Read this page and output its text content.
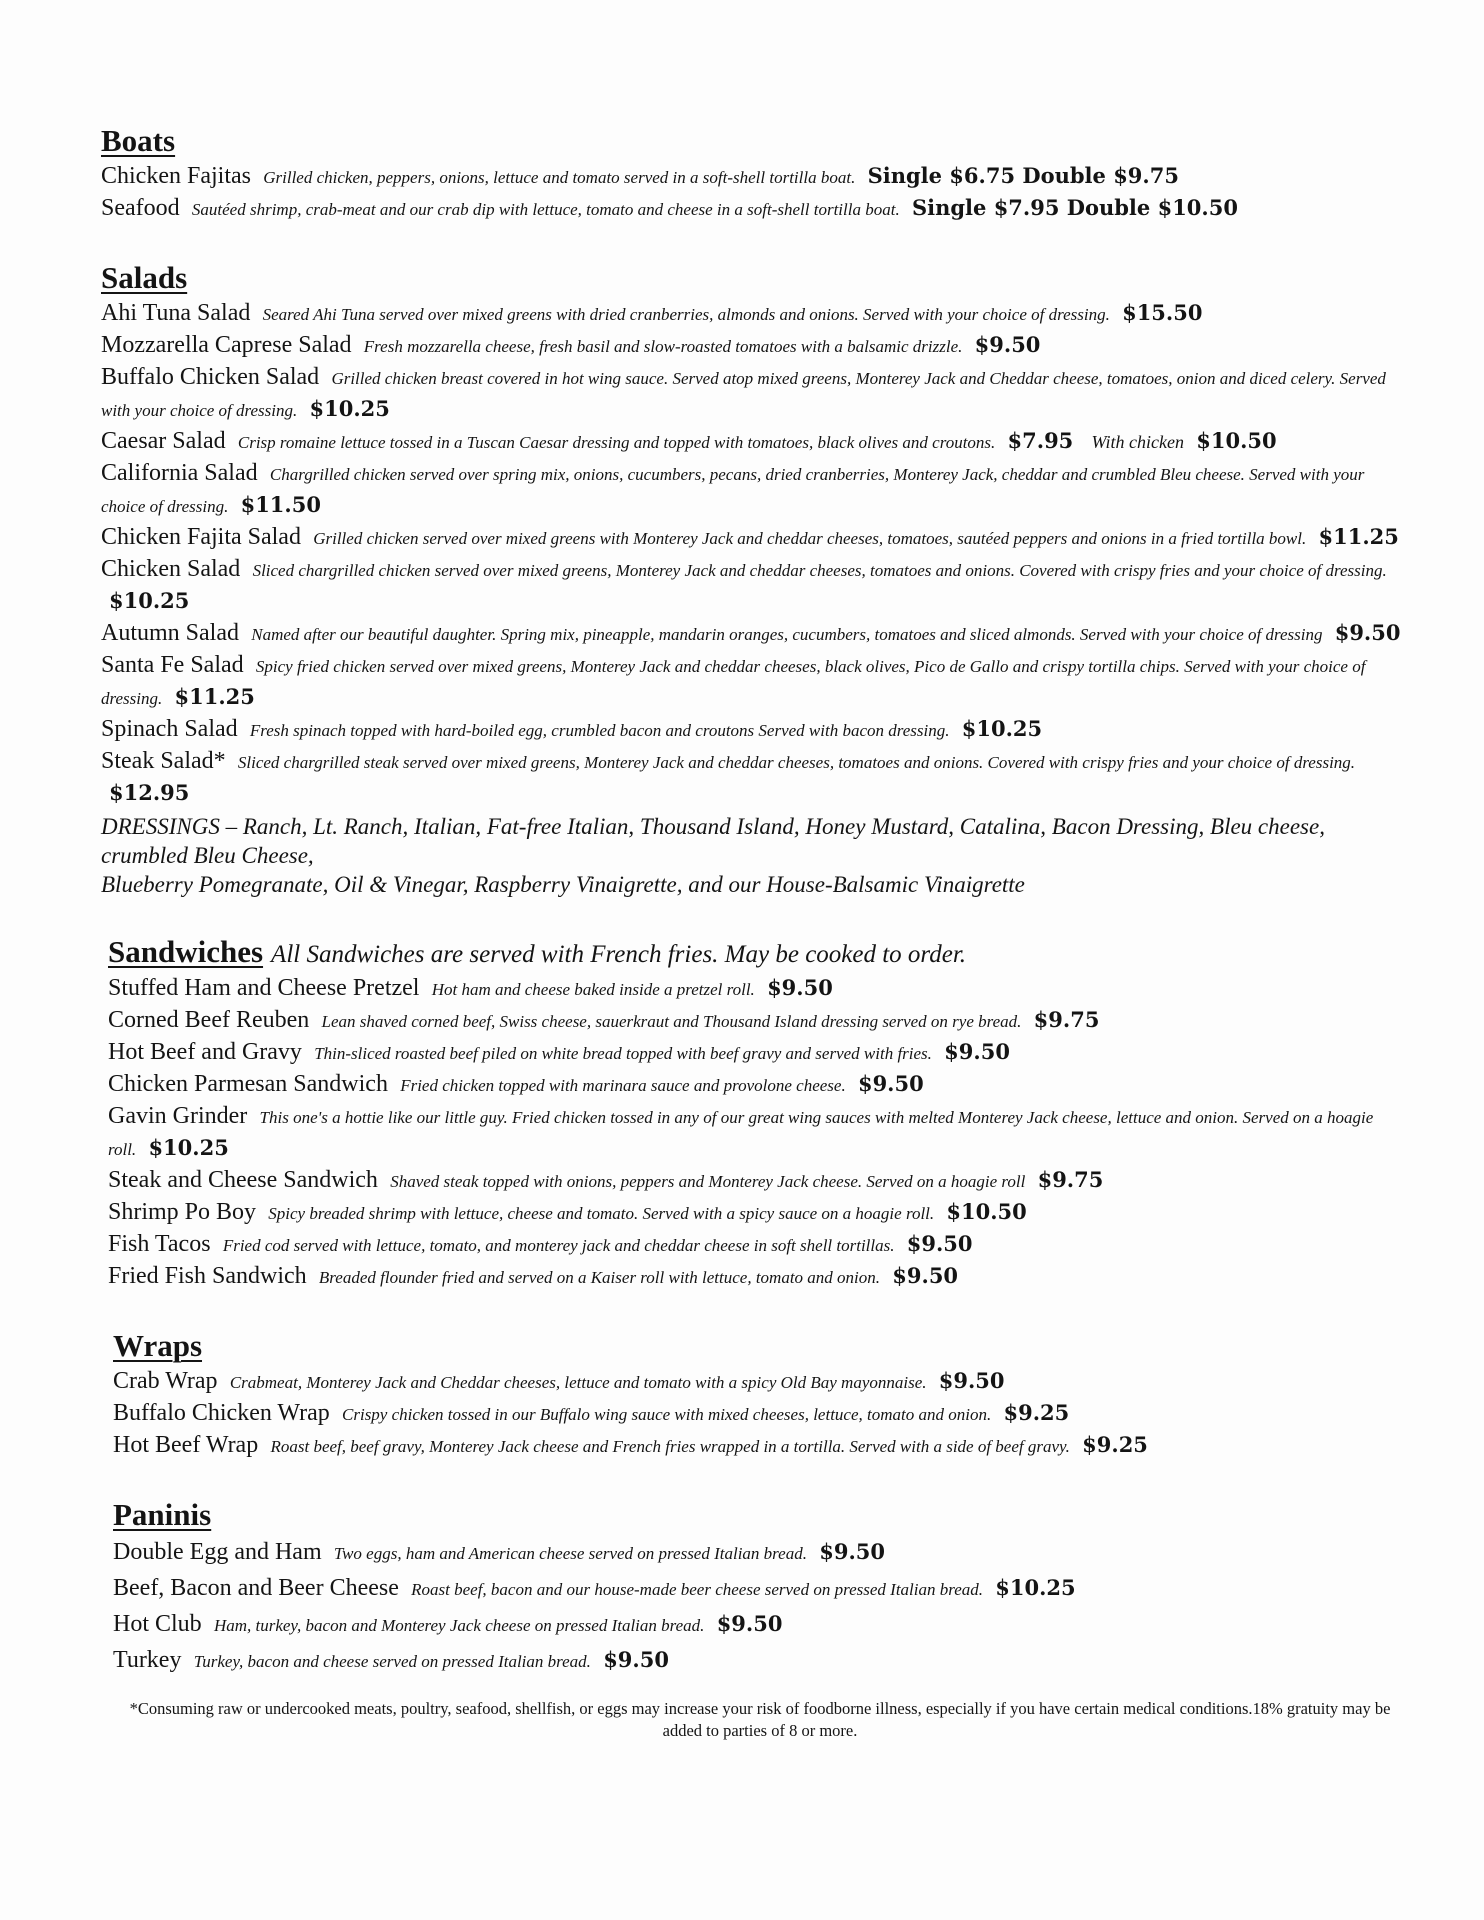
Boats

Chicken Fajitas Grilled chicken, peppers, onions, lettuce and tomato served in a soft-shell tortilla boat. Single $6.75 Double $9.75

Seafood Sautéed shrimp, crab-meat and our crab dip with lettuce, tomato and cheese in a soft-shell tortilla boat. Single $7.95 Double $10.50

Salads

Ahi Tuna Salad Seared Ahi Tuna served over mixed greens with dried cranberries, almonds and onions. Served with your choice of dressing. $15.50

Mozzarella Caprese Salad Fresh mozzarella cheese, fresh basil and slow-roasted tomatoes with a balsamic drizzle. $9.50

Buffalo Chicken Salad Grilled chicken breast covered in hot wing sauce. Served atop mixed greens, Monterey Jack and Cheddar cheese, tomatoes, onion and diced celery. Served with your choice of dressing. $10.25

Caesar Salad Crisp romaine lettuce tossed in a Tuscan Caesar dressing and topped with tomatoes, black olives and croutons. $7.95 With chicken $10.50

California Salad Chargrilled chicken served over spring mix, onions, cucumbers, pecans, dried cranberries, Monterey Jack, cheddar and crumbled Bleu cheese. Served with your choice of dressing. $11.50

Chicken Fajita Salad Grilled chicken served over mixed greens with Monterey Jack and cheddar cheeses, tomatoes, sautéed peppers and onions in a fried tortilla bowl. $11.25

Chicken Salad Sliced chargrilled chicken served over mixed greens, Monterey Jack and cheddar cheeses, tomatoes and onions. Covered with crispy fries and your choice of dressing. $10.25

Autumn Salad Named after our beautiful daughter. Spring mix, pineapple, mandarin oranges, cucumbers, tomatoes and sliced almonds. Served with your choice of dressing $9.50

Santa Fe Salad Spicy fried chicken served over mixed greens, Monterey Jack and cheddar cheeses, black olives, Pico de Gallo and crispy tortilla chips. Served with your choice of dressing. $11.25

Spinach Salad Fresh spinach topped with hard-boiled egg, crumbled bacon and croutons Served with bacon dressing. $10.25

Steak Salad* Sliced chargrilled steak served over mixed greens, Monterey Jack and cheddar cheeses, tomatoes and onions. Covered with crispy fries and your choice of dressing. $12.95

DRESSINGS – Ranch, Lt. Ranch, Italian, Fat-free Italian, Thousand Island, Honey Mustard, Catalina, Bacon Dressing, Bleu cheese, crumbled Bleu Cheese,
Blueberry Pomegranate, Oil & Vinegar, Raspberry Vinaigrette, and our House-Balsamic Vinaigrette

Sandwiches All Sandwiches are served with French fries. May be cooked to order.

Stuffed Ham and Cheese Pretzel Hot ham and cheese baked inside a pretzel roll. $9.50

Corned Beef Reuben Lean shaved corned beef, Swiss cheese, sauerkraut and Thousand Island dressing served on rye bread. $9.75

Hot Beef and Gravy Thin-sliced roasted beef piled on white bread topped with beef gravy and served with fries. $9.50

Chicken Parmesan Sandwich Fried chicken topped with marinara sauce and provolone cheese. $9.50

Gavin Grinder This one's a hottie like our little guy. Fried chicken tossed in any of our great wing sauces with melted Monterey Jack cheese, lettuce and onion. Served on a hoagie roll. $10.25

Steak and Cheese Sandwich Shaved steak topped with onions, peppers and Monterey Jack cheese. Served on a hoagie roll $9.75

Shrimp Po Boy Spicy breaded shrimp with lettuce, cheese and tomato. Served with a spicy sauce on a hoagie roll. $10.50

Fish Tacos Fried cod served with lettuce, tomato, and monterey jack and cheddar cheese in soft shell tortillas. $9.50

Fried Fish Sandwich Breaded flounder fried and served on a Kaiser roll with lettuce, tomato and onion. $9.50

Wraps

Crab Wrap Crabmeat, Monterey Jack and Cheddar cheeses, lettuce and tomato with a spicy Old Bay mayonnaise. $9.50

Buffalo Chicken Wrap Crispy chicken tossed in our Buffalo wing sauce with mixed cheeses, lettuce, tomato and onion. $9.25

Hot Beef Wrap Roast beef, beef gravy, Monterey Jack cheese and French fries wrapped in a tortilla. Served with a side of beef gravy. $9.25

Paninis

Double Egg and Ham Two eggs, ham and American cheese served on pressed Italian bread. $9.50

Beef, Bacon and Beer Cheese Roast beef, bacon and our house-made beer cheese served on pressed Italian bread. $10.25

Hot Club Ham, turkey, bacon and Monterey Jack cheese on pressed Italian bread. $9.50

Turkey Turkey, bacon and cheese served on pressed Italian bread. $9.50

*Consuming raw or undercooked meats, poultry, seafood, shellfish, or eggs may increase your risk of foodborne illness, especially if you have certain medical conditions.18% gratuity may be added to parties of 8 or more.
